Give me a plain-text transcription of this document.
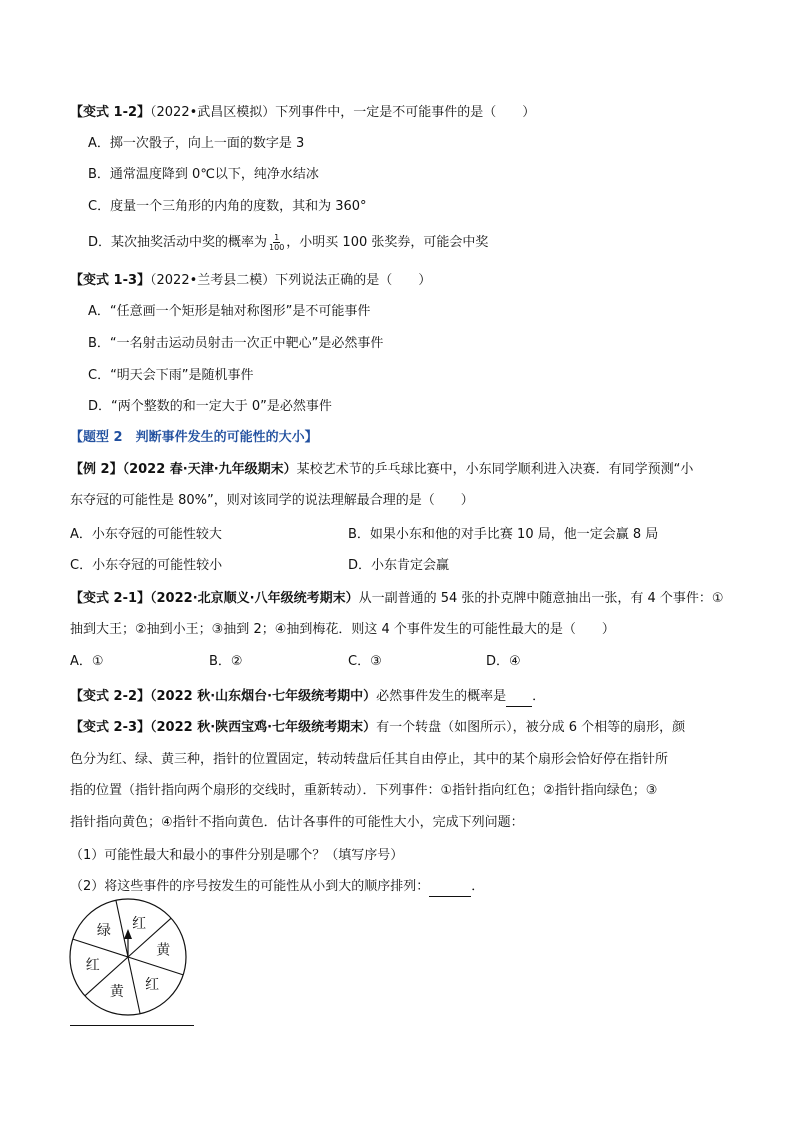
【变式 1-2】（2022•武昌区模拟）下列事件中，一定是不可能事件的是（　　）
A．掷一次骰子，向上一面的数字是 3
B．通常温度降到 0℃以下，纯净水结冰
C．度量一个三角形的内角的度数，其和为 360°
D．某次抽奖活动中奖的概率为 $\frac{1}{100}$ ，小明买 100 张奖券，可能会中奖
【变式 1-3】（2022•兰考县二模）下列说法正确的是（　　）
A．“任意画一个矩形是轴对称图形”是不可能事件
B．“一名射击运动员射击一次正中靶心”是必然事件
C．“明天会下雨”是随机事件
D．“两个整数的和一定大于 0”是必然事件
【题型 2　判断事件发生的可能性的大小】
【例 2】（2022 春·天津·九年级期末）某校艺术节的乒乓球比赛中，小东同学顺利进入决赛．有同学预测“小
东夺冠的可能性是 80%”，则对该同学的说法理解最合理的是（　　）
A．小东夺冠的可能性较大	B．如果小东和他的对手比赛 10 局，他一定会赢 8 局
C．小东夺冠的可能性较小	D．小东肯定会赢
【变式 2-1】（2022·北京顺义·八年级统考期末）从一副普通的 54 张的扑克牌中随意抽出一张，有 4 个事件：①
抽到大王；②抽到小王；③抽到 2；④抽到梅花．则这 4 个事件发生的可能性最大的是（　　）
A．①	B．②	C．③	D．④
【变式 2-2】（2022 秋·山东烟台·七年级统考期中）必然事件发生的概率是 ．
【变式 2-3】（2022 秋·陕西宝鸡·七年级统考期末）有一个转盘（如图所示），被分成 6 个相等的扇形，颜
色分为红、绿、黄三种，指针的位置固定，转动转盘后任其自由停止，其中的某个扇形会恰好停在指针所
指的位置（指针指向两个扇形的交线时，重新转动）．下列事件：①指针指向红色；②指针指向绿色；③
指针指向黄色；④指针不指向黄色．估计各事件的可能性大小，完成下列问题：
（1）可能性最大和最小的事件分别是哪个？（填写序号）
（2）将这些事件的序号按发生的可能性从小到大的顺序排列：	．
绿 红
黄
红
黄
红
